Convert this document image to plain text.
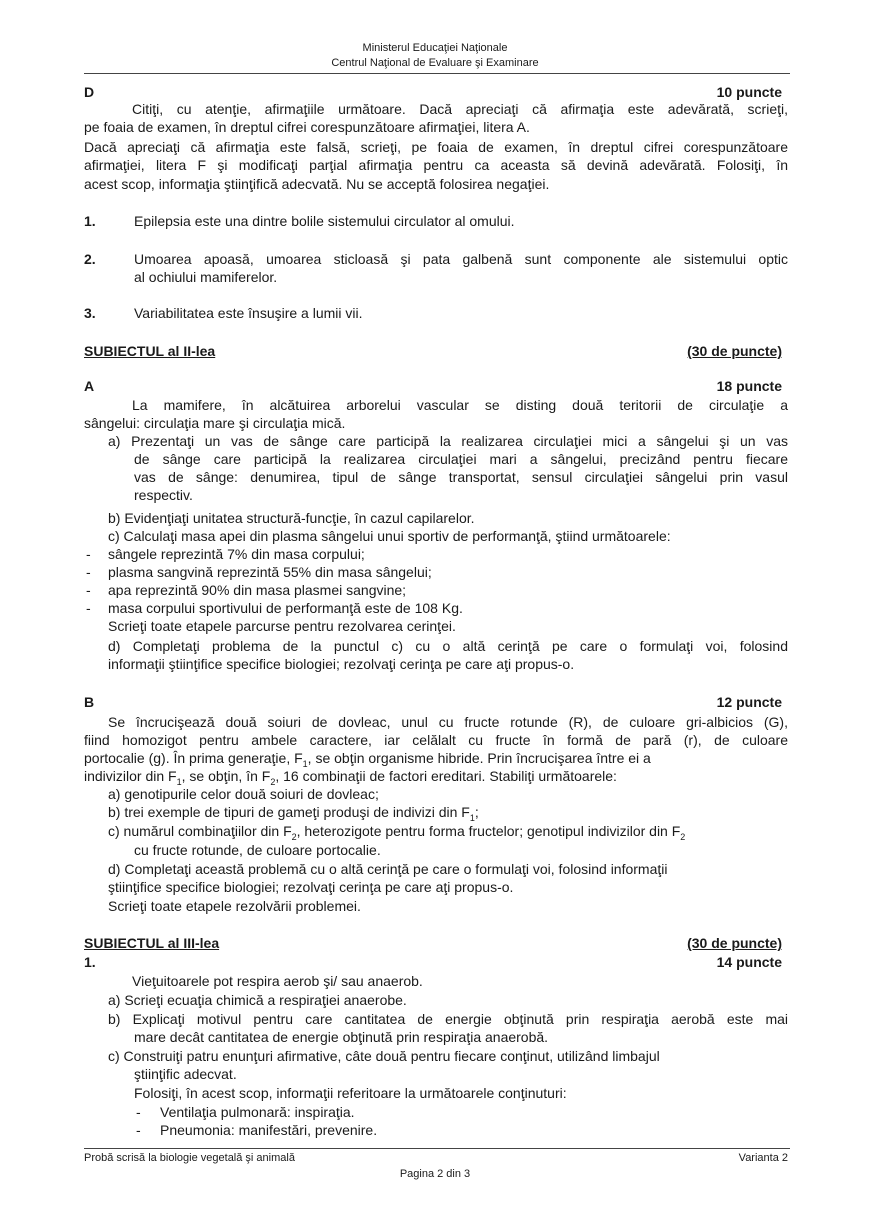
Ministerul Educaţiei Naţionale
Centrul Naţional de Evaluare şi Examinare
D	10 puncte
Citiţi, cu atenţie, afirmaţiile următoare. Dacă apreciaţi că afirmaţia este adevărată, scrieţi,
pe foaia de examen, în dreptul cifrei corespunzătoare afirmaţiei, litera A.
Dacă apreciaţi că afirmaţia este falsă, scrieţi, pe foaia de examen, în dreptul cifrei corespunzătoare
afirmaţiei, litera F şi modificaţi parţial afirmaţia pentru ca aceasta să devină adevărată. Folosiţi, în
acest scop, informaţia ştiinţifică adecvată. Nu se acceptă folosirea negaţiei.
1.	Epilepsia este una dintre bolile sistemului circulator al omului.
2.	Umoarea apoasă, umoarea sticloasă şi pata galbenă sunt componente ale sistemului optic
al ochiului mamiferelor.
3.	Variabilitatea este însuşire a lumii vii.
SUBIECTUL al II-lea	(30 de puncte)
A	18 puncte
La mamifere, în alcătuirea arborelui vascular se disting două teritorii de circulaţie a
sângelui: circulaţia mare şi circulaţia mică.
a) Prezentaţi un vas de sânge care participă la realizarea circulaţiei mici a sângelui şi un vas
de sânge care participă la realizarea circulaţiei mari a sângelui, precizând pentru fiecare
vas de sânge: denumirea, tipul de sânge transportat, sensul circulaţiei sângelui prin vasul
respectiv.
b) Evidenţiaţi unitatea structură-funcţie, în cazul capilarelor.
c) Calculaţi masa apei din plasma sângelui unui sportiv de performanţă, ştiind următoarele:
- sângele reprezintă 7% din masa corpului;
- plasma sangvină reprezintă 55% din masa sângelui;
- apa reprezintă 90% din masa plasmei sangvine;
- masa corpului sportivului de performanţă este de 108 Kg.
Scrieţi toate etapele parcurse pentru rezolvarea cerinţei.
d) Completaţi problema de la punctul c) cu o altă cerinţă pe care o formulaţi voi, folosind
informaţii ştiinţifice specifice biologiei; rezolvaţi cerinţa pe care aţi propus-o.
B	12 puncte
Se încrucişează două soiuri de dovleac, unul cu fructe rotunde (R), de culoare gri-albicios (G),
fiind homozigot pentru ambele caractere, iar celălalt cu fructe în formă de pară (r), de culoare
portocalie (g). În prima generaţie, $F_1$, se obţin organisme hibride. Prin încrucişarea între ei a
indivizilor din $F_1$, se obţin, în $F_2$, 16 combinaţii de factori ereditari. Stabiliţi următoarele:
a) genotipurile celor două soiuri de dovleac;
b) trei exemple de tipuri de gameţi produşi de indivizi din $F_1$;
c) numărul combinaţiilor din $F_2$, heterozigote pentru forma fructelor; genotipul indivizilor din $F_2$
cu fructe rotunde, de culoare portocalie.
d) Completaţi această problemă cu o altă cerinţă pe care o formulaţi voi, folosind informaţii
ştiinţifice specifice biologiei; rezolvaţi cerinţa pe care aţi propus-o.
Scrieţi toate etapele rezolvării problemei.
SUBIECTUL al III-lea	(30 de puncte)
1.	14 puncte
Vieţuitoarele pot respira aerob şi/ sau anaerob.
a) Scrieţi ecuaţia chimică a respiraţiei anaerobe.
b) Explicaţi motivul pentru care cantitatea de energie obţinută prin respiraţia aerobă este mai
mare decât cantitatea de energie obţinută prin respiraţia anaerobă.
c) Construiţi patru enunţuri afirmative, câte două pentru fiecare conţinut, utilizând limbajul
ştiinţific adecvat.
Folosiţi, în acest scop, informaţii referitoare la următoarele conţinuturi:
- Ventilaţia pulmonară: inspiraţia.
- Pneumonia: manifestări, prevenire.
Probă scrisă la biologie vegetală şi animală	Varianta 2
Pagina 2 din 3
